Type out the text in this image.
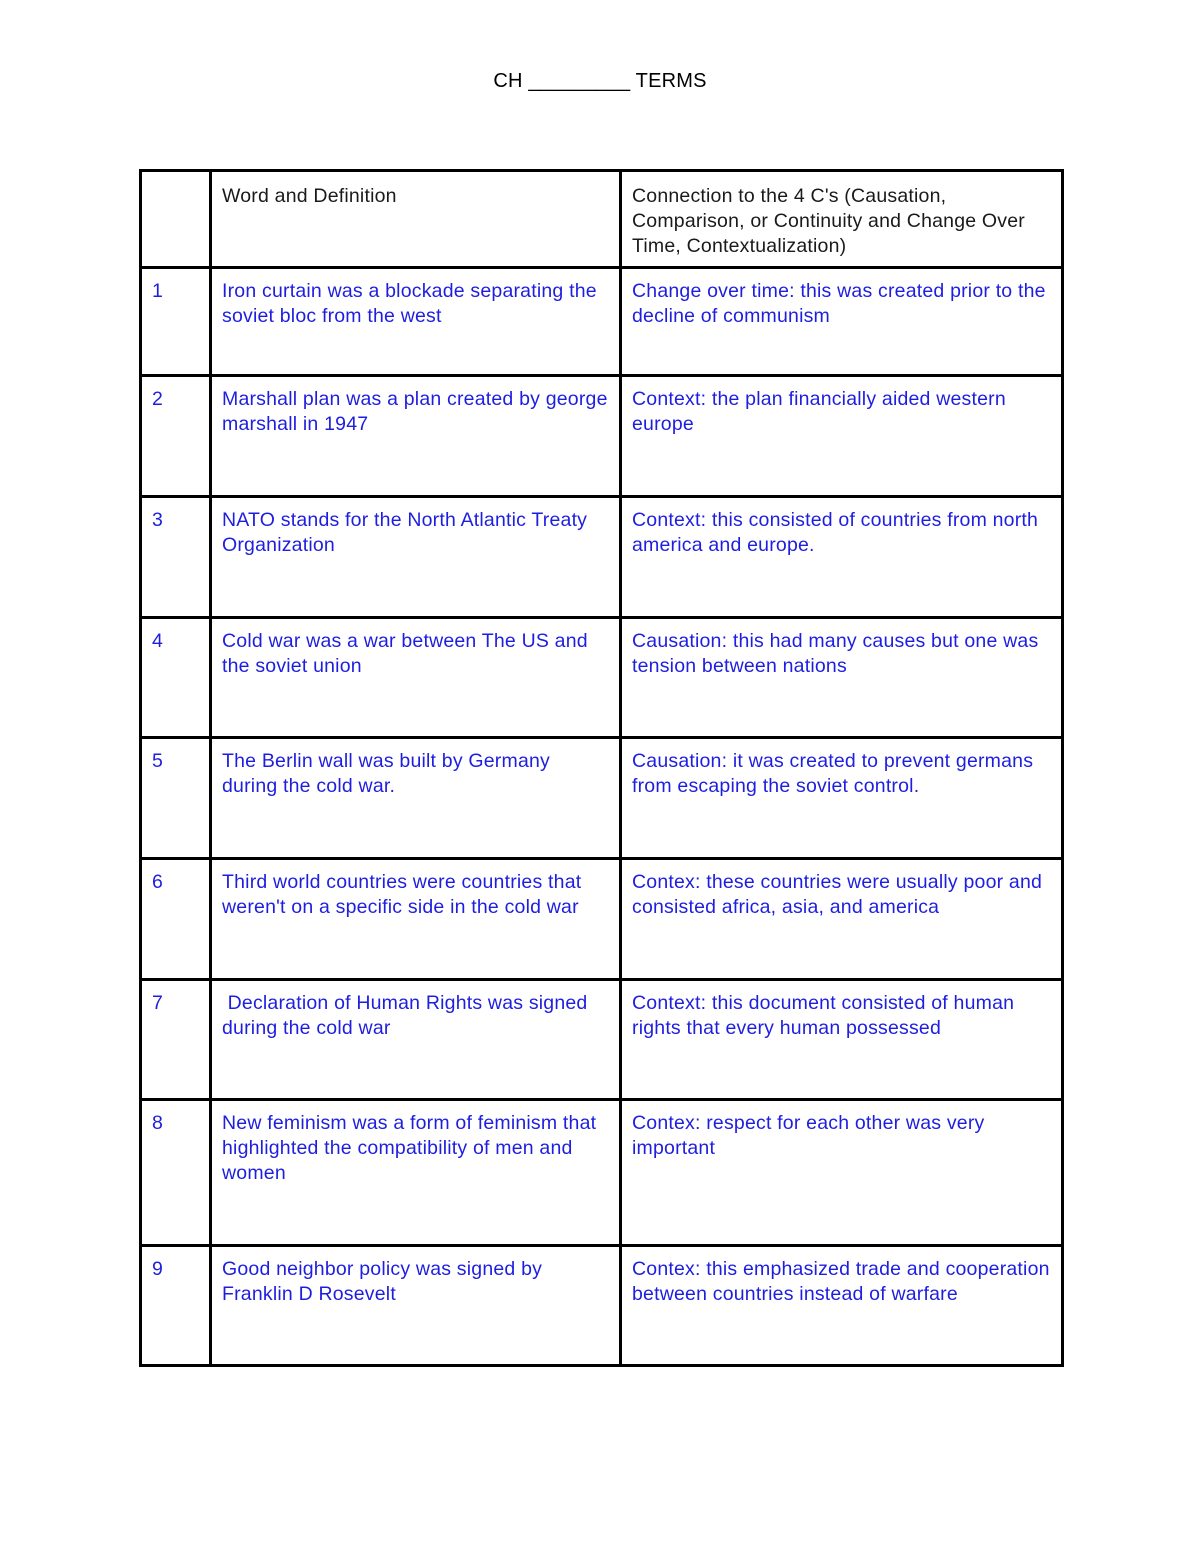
CH _________ TERMS
	Word and Definition	Connection to the 4 C's (Causation, Comparison, or Continuity and Change Over Time, Contextualization)
1	Iron curtain was a blockade separating the soviet bloc from the west	Change over time: this was created prior to the decline of communism
2	Marshall plan was a plan created by george marshall in 1947	Context: the plan financially aided western europe
3	NATO stands for the North Atlantic Treaty Organization	Context: this consisted of countries from north america and europe.
4	Cold war was a war between The US and the soviet union	Causation: this had many causes but one was tension between nations
5	The Berlin wall was built by Germany during the cold war.	Causation: it was created to prevent germans from escaping the soviet control.
6	Third world countries were countries that weren't on a specific side in the cold war	Contex: these countries were usually poor and consisted africa, asia, and america
7	Declaration of Human Rights was signed during the cold war	Context: this document consisted of human rights that every human possessed
8	New feminism was a form of feminism that highlighted the compatibility of men and women	Contex: respect for each other was very important
9	Good neighbor policy was signed by Franklin D Rosevelt	Contex: this emphasized trade and cooperation between countries instead of warfare
